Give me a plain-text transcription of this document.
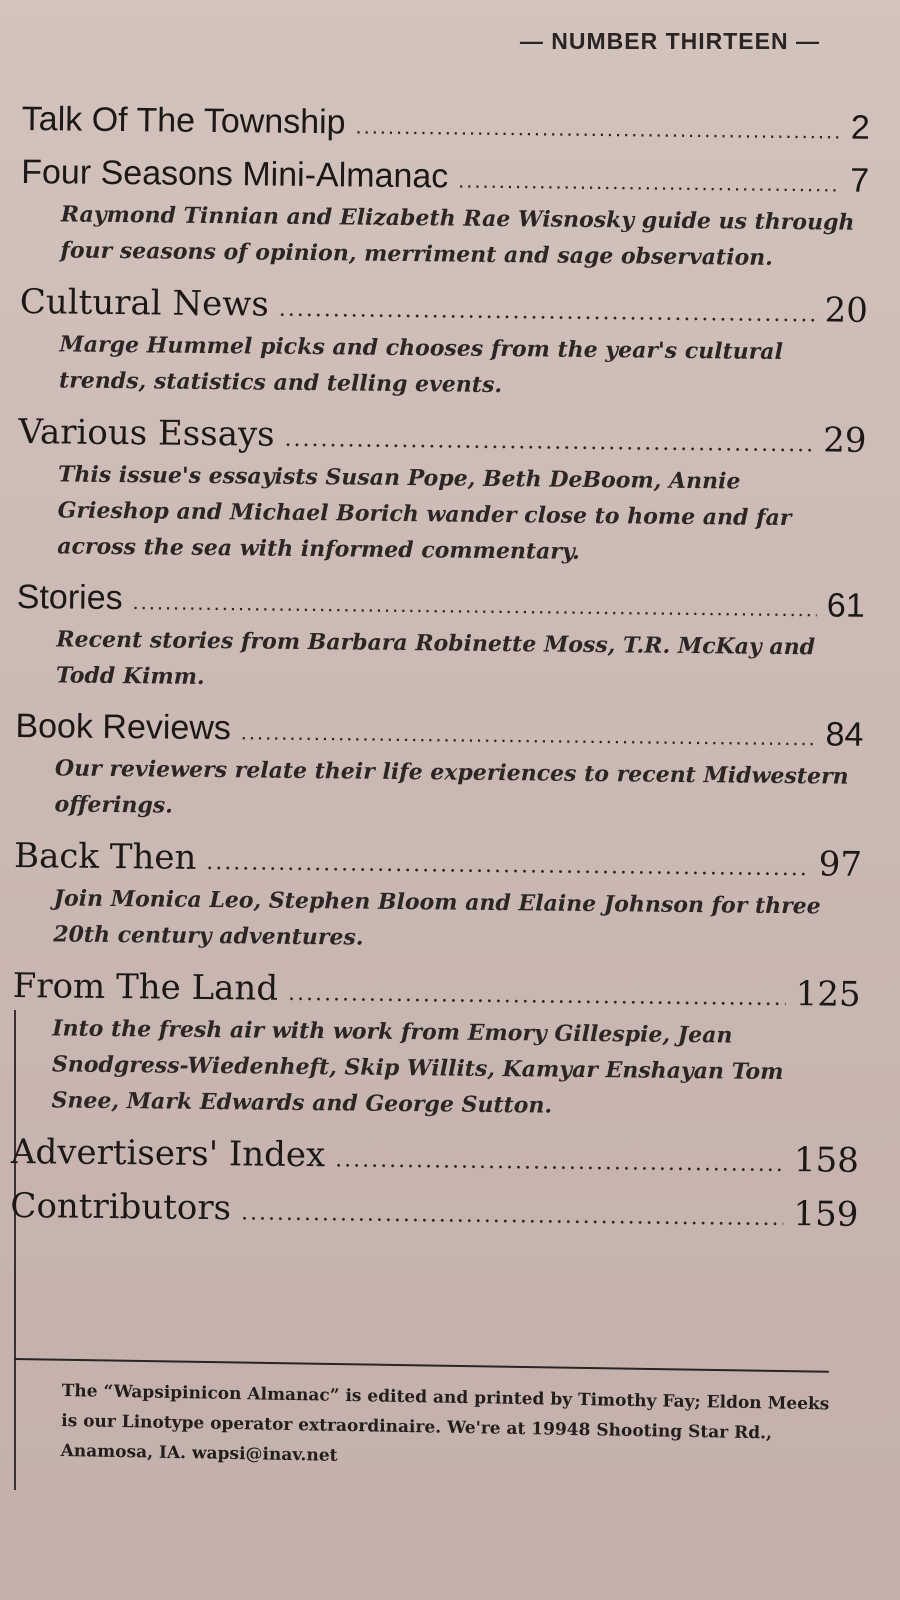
— NUMBER THIRTEEN —
Talk Of The Township .....	2
Four Seasons Mini-Almanac .....	7
Raymond Tinnian and Elizabeth Rae Wisnosky guide us through four seasons of opinion, merriment and sage observation.
Cultural News .....	20
Marge Hummel picks and chooses from the year's cultural trends, statistics and telling events.
Various Essays .....	29
This issue's essayists Susan Pope, Beth DeBoom, Annie Grieshop and Michael Borich wander close to home and far across the sea with informed commentary.
Stories .....	61
Recent stories from Barbara Robinette Moss, T.R. McKay and Todd Kimm.
Book Reviews .....	84
Our reviewers relate their life experiences to recent Midwestern offerings.
Back Then .....	97
Join Monica Leo, Stephen Bloom and Elaine Johnson for three 20th century adventures.
From The Land .....	125
Into the fresh air with work from Emory Gillespie, Jean Snodgress-Wiedenheft, Skip Willits, Kamyar Enshayan Tom Snee, Mark Edwards and George Sutton.
Advertisers' Index .....	158
Contributors .....	159
The “Wapsipinicon Almanac” is edited and printed by Timothy Fay; Eldon Meeks is our Linotype operator extraordinaire. We're at 19948 Shooting Star Rd., Anamosa, IA. wapsi@inav.net
